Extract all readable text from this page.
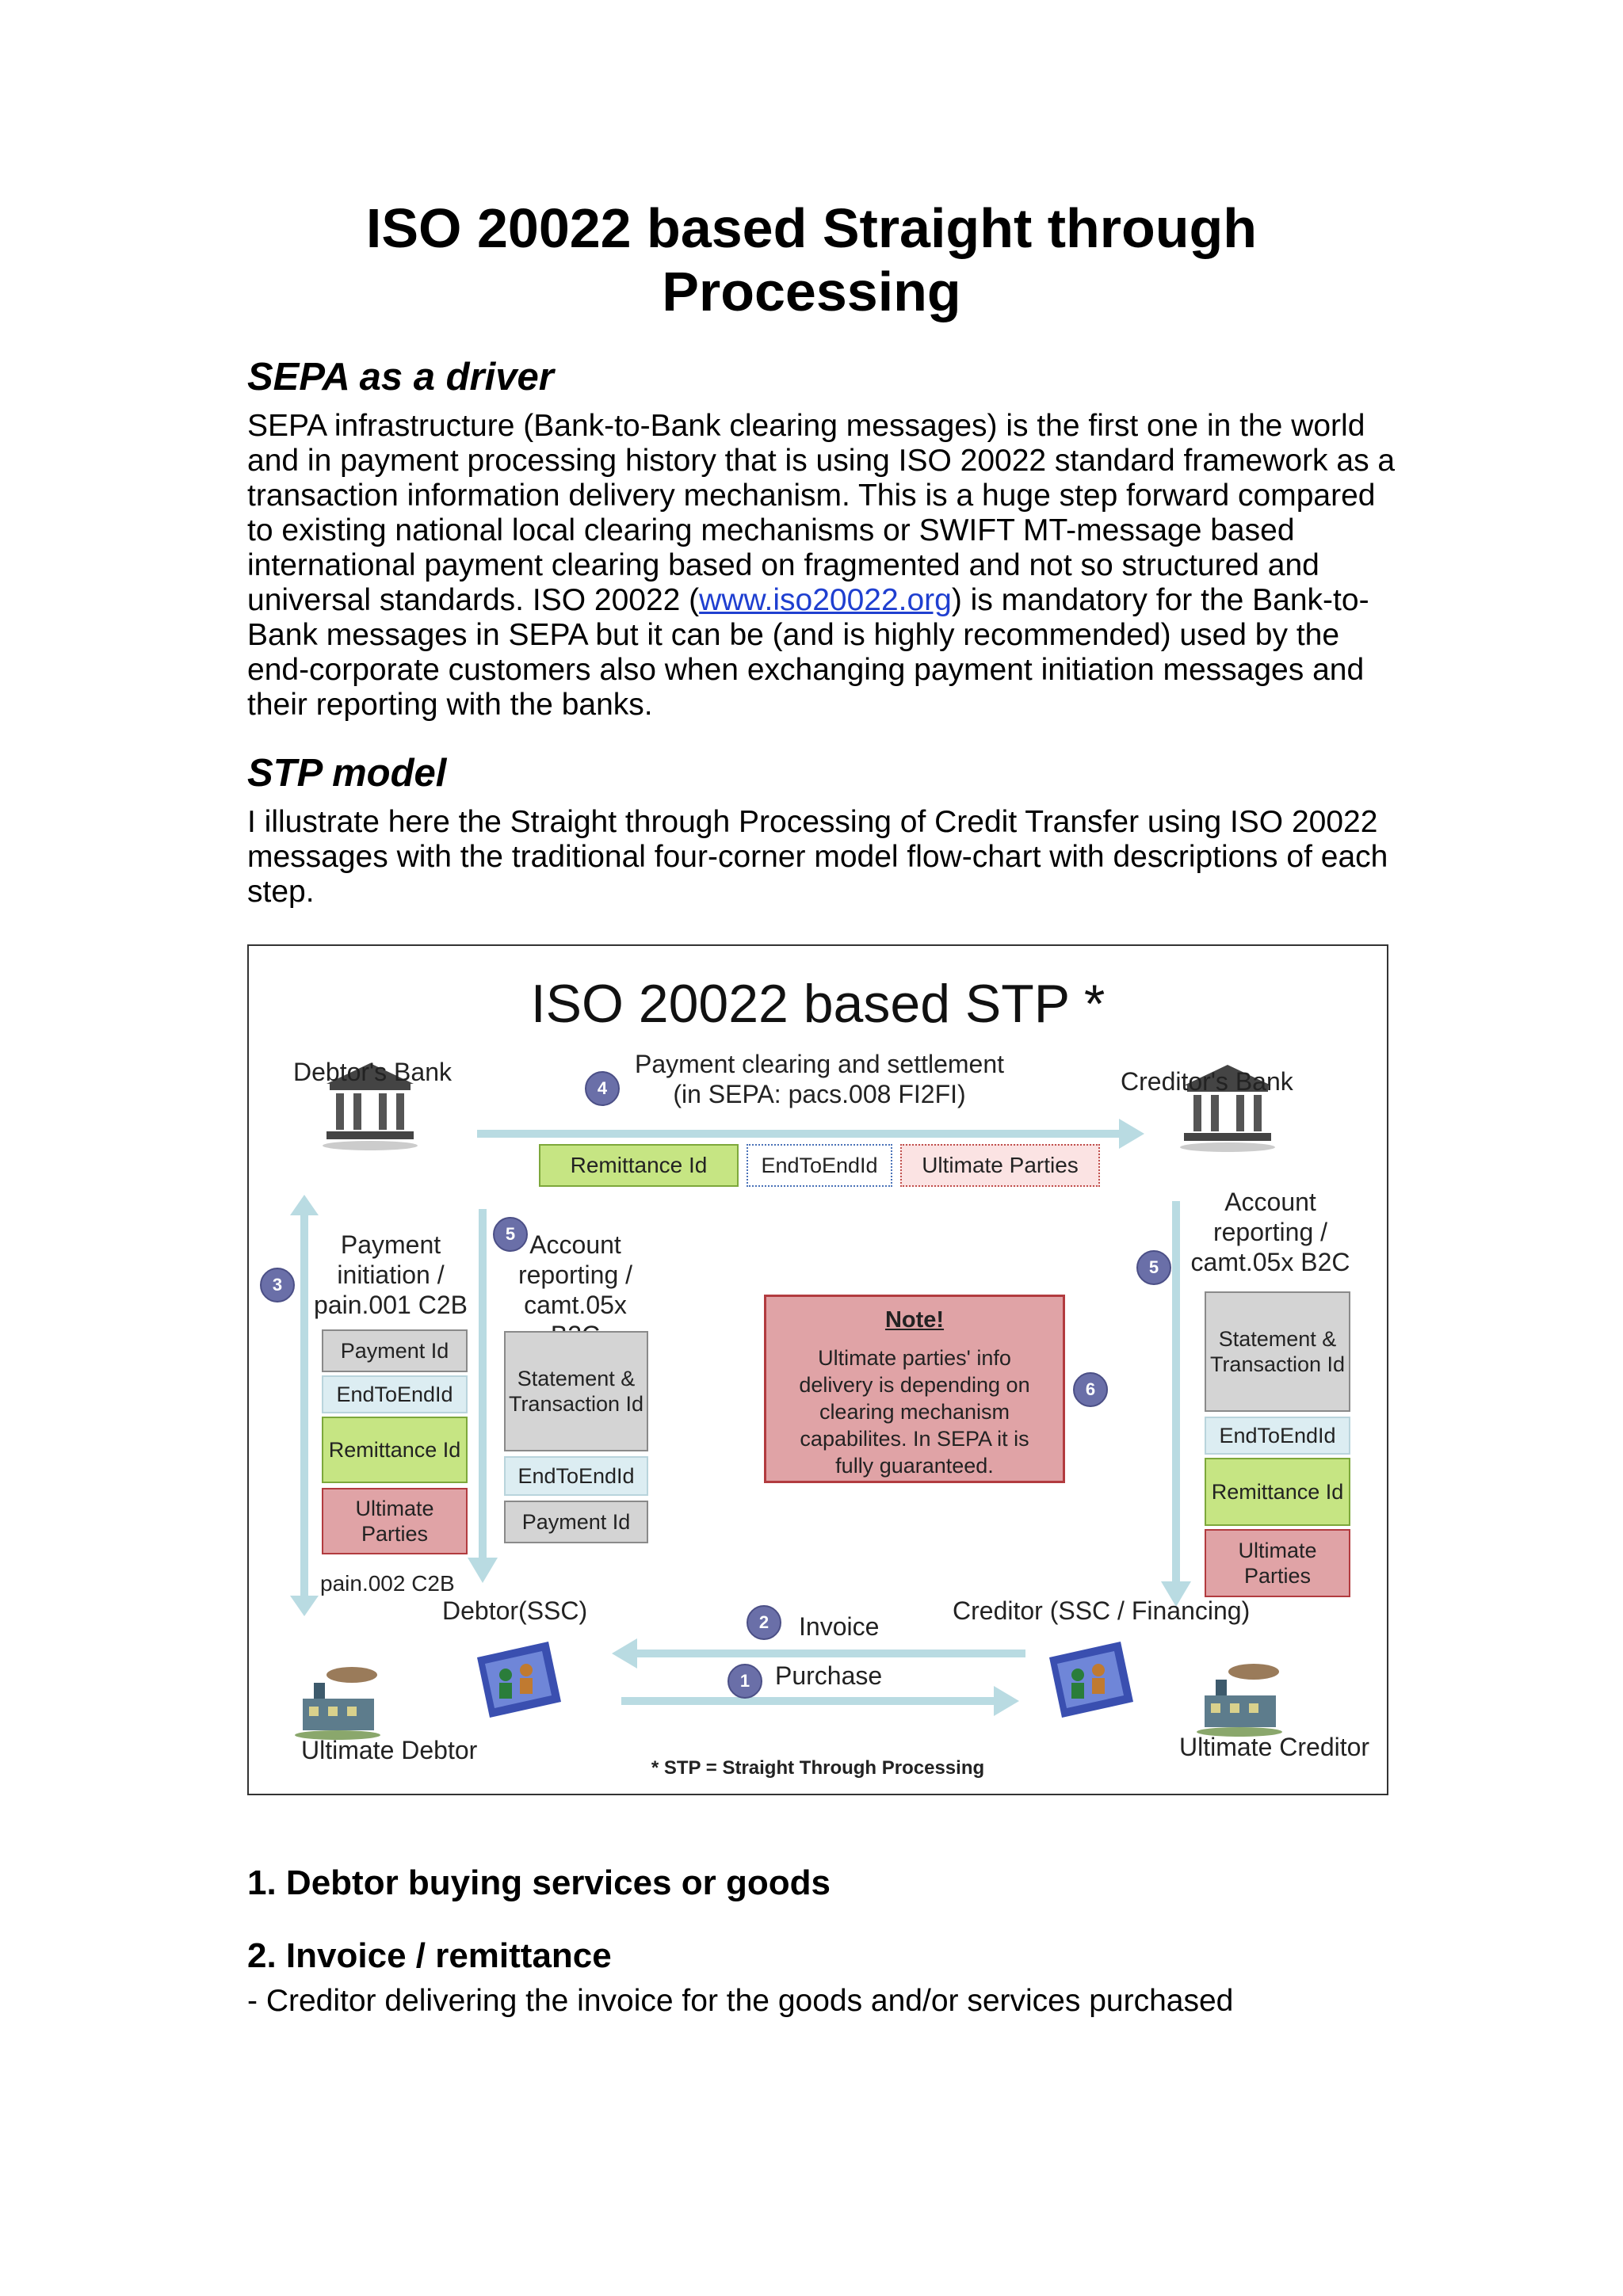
ISO 20022 based Straight through Processing
SEPA as a driver
SEPA infrastructure (Bank-to-Bank clearing messages) is the first one in the world and in payment processing history that is using ISO 20022 standard framework as a transaction information delivery mechanism. This is a huge step forward compared to existing national local clearing mechanisms or SWIFT MT-message based international payment clearing based on fragmented and not so structured and universal standards. ISO 20022 (www.iso20022.org) is mandatory for the Bank-to-Bank messages in SEPA but it can be (and is highly recommended) used by the end-corporate customers also when exchanging payment initiation messages and their reporting with the banks.
STP model
I illustrate here the Straight through Processing of Credit Transfer using ISO 20022 messages with the traditional four-corner model flow-chart with descriptions of each step.
ISO 20022 based STP *
Debtor's Bank	Creditor's Bank
4
Payment clearing and settlement
(in SEPA: pacs.008 FI2FI)
Remittance Id	EndToEndId	Ultimate Parties
3
Payment initiation / pain.001 C2B
Payment Id
EndToEndId
Remittance Id
Ultimate Parties
pain.002 C2B
5 Account reporting / camt.05x
Statement & Transaction Id
EndToEndId
Payment Id
Note!
Ultimate parties' info delivery is depending on clearing mechanism capabilites. In SEPA it is fully guaranteed.
6
5
Account reporting / camt.05x B2C
Statement & Transaction Id
EndToEndId
Remittance Id
Ultimate Parties
Debtor(SSC)	Creditor (SSC / Financing)
2	Invoice
1 Purchase
Ultimate Debtor	Ultimate Creditor
* STP = Straight Through Processing
1. Debtor buying services or goods
2. Invoice / remittance
- Creditor delivering the invoice for the goods and/or services purchased
